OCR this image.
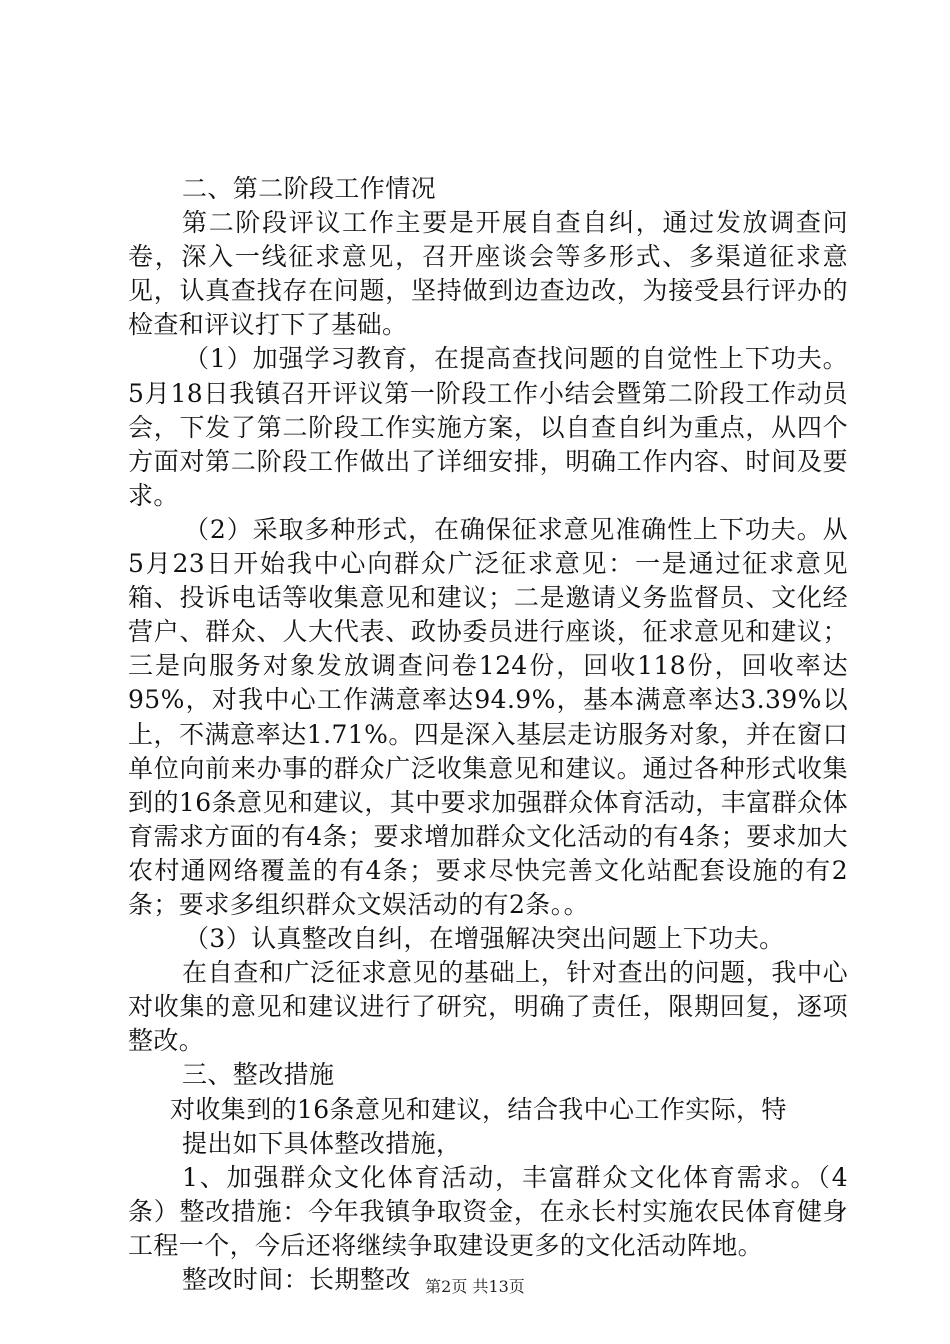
二、第二阶段工作情况

第二阶段评议工作主要是开展自查自纠，通过发放调查问卷，深入一线征求意见，召开座谈会等多形式、多渠道征求意见，认真查找存在问题，坚持做到边查边改，为接受县行评办的检查和评议打下了基础。

（1）加强学习教育，在提高查找问题的自觉性上下功夫。5月18日我镇召开评议第一阶段工作小结会暨第二阶段工作动员会，下发了第二阶段工作实施方案，以自查自纠为重点，从四个方面对第二阶段工作做出了详细安排，明确工作内容、时间及要求。

（2）采取多种形式，在确保征求意见准确性上下功夫。从5月23日开始我中心向群众广泛征求意见：一是通过征求意见箱、投诉电话等收集意见和建议；二是邀请义务监督员、文化经营户、群众、人大代表、政协委员进行座谈，征求意见和建议；三是向服务对象发放调查问卷124份，回收118份，回收率达95%，对我中心工作满意率达94.9%，基本满意率达3.39%以上，不满意率达1.71%。四是深入基层走访服务对象，并在窗口单位向前来办事的群众广泛收集意见和建议。通过各种形式收集到的16条意见和建议，其中要求加强群众体育活动，丰富群众体育需求方面的有4条；要求增加群众文化活动的有4条；要求加大农村通网络覆盖的有4条；要求尽快完善文化站配套设施的有2条；要求多组织群众文娱活动的有2条。。

（3）认真整改自纠，在增强解决突出问题上下功夫。

在自查和广泛征求意见的基础上，针对查出的问题，我中心对收集的意见和建议进行了研究，明确了责任，限期回复，逐项整改。

三、整改措施

对收集到的16条意见和建议，结合我中心工作实际，特

提出如下具体整改措施，

1、加强群众文化体育活动，丰富群众文化体育需求。（4条）整改措施：今年我镇争取资金，在永长村实施农民体育健身工程一个，今后还将继续争取建设更多的文化活动阵地。

整改时间：长期整改 第2页 共13页
